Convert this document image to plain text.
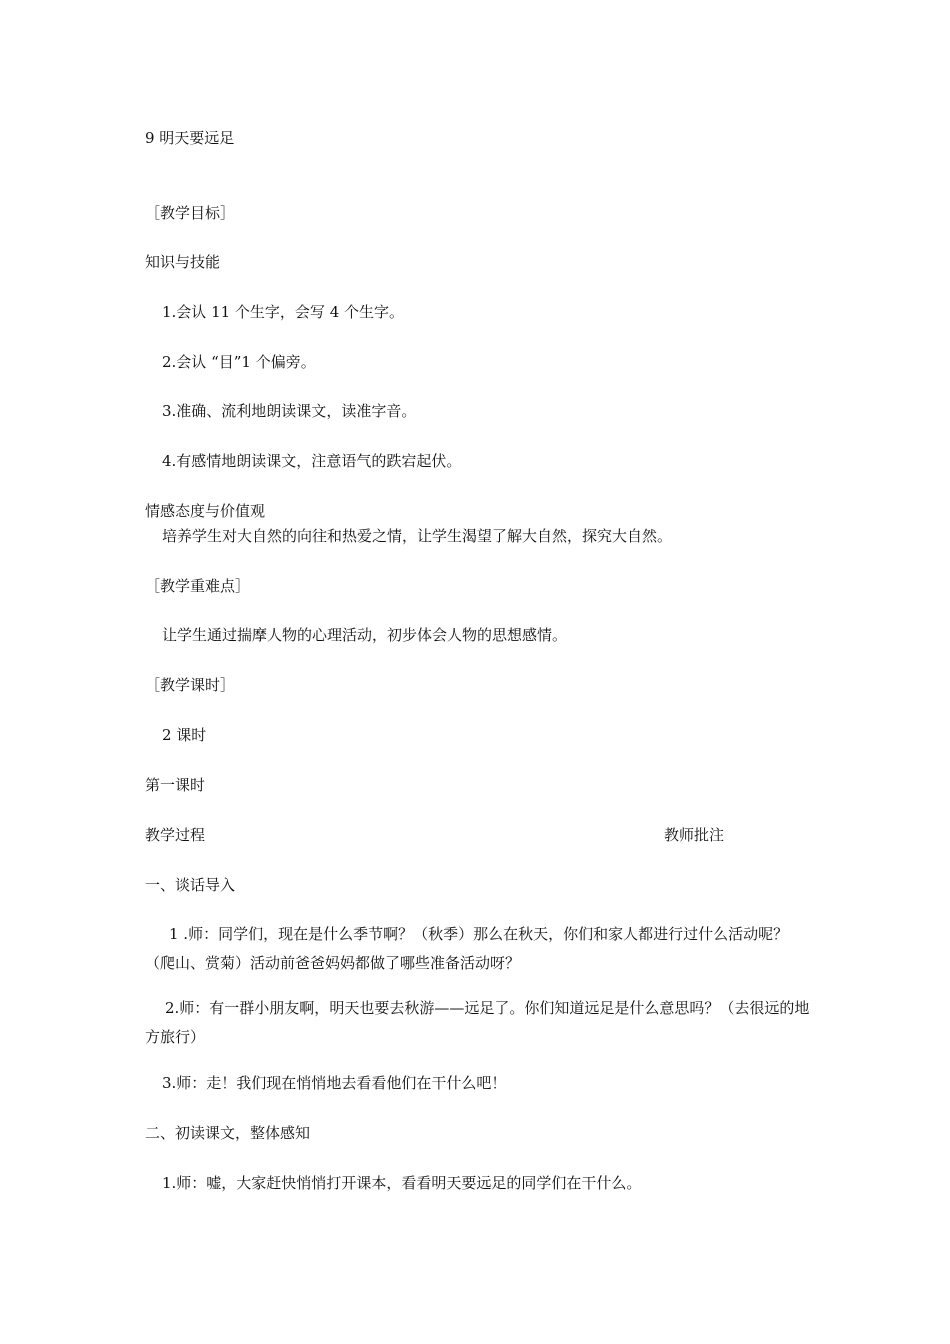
9 明天要远足
［教学目标］
知识与技能
1.会认 11 个生字，会写 4 个生字。
2.会认 “目”1 个偏旁。
3.准确、流利地朗读课文，读准字音。
4.有感情地朗读课文，注意语气的跌宕起伏。
情感态度与价值观
培养学生对大自然的向往和热爱之情，让学生渴望了解大自然，探究大自然。
［教学重难点］
让学生通过揣摩人物的心理活动，初步体会人物的思想感情。
［教学课时］
2 课时
第一课时
教学过程	教师批注
一、谈话导入
1 .师：同学们，现在是什么季节啊？（秋季）那么在秋天，你们和家人都进行过什么活动呢？（爬山、赏菊）活动前爸爸妈妈都做了哪些准备活动呀？
2.师：有一群小朋友啊，明天也要去秋游——远足了。你们知道远足是什么意思吗？（去很远的地方旅行）
3.师：走！我们现在悄悄地去看看他们在干什么吧！
二、初读课文，整体感知
1.师：嘘，大家赶快悄悄打开课本，看看明天要远足的同学们在干什么。
